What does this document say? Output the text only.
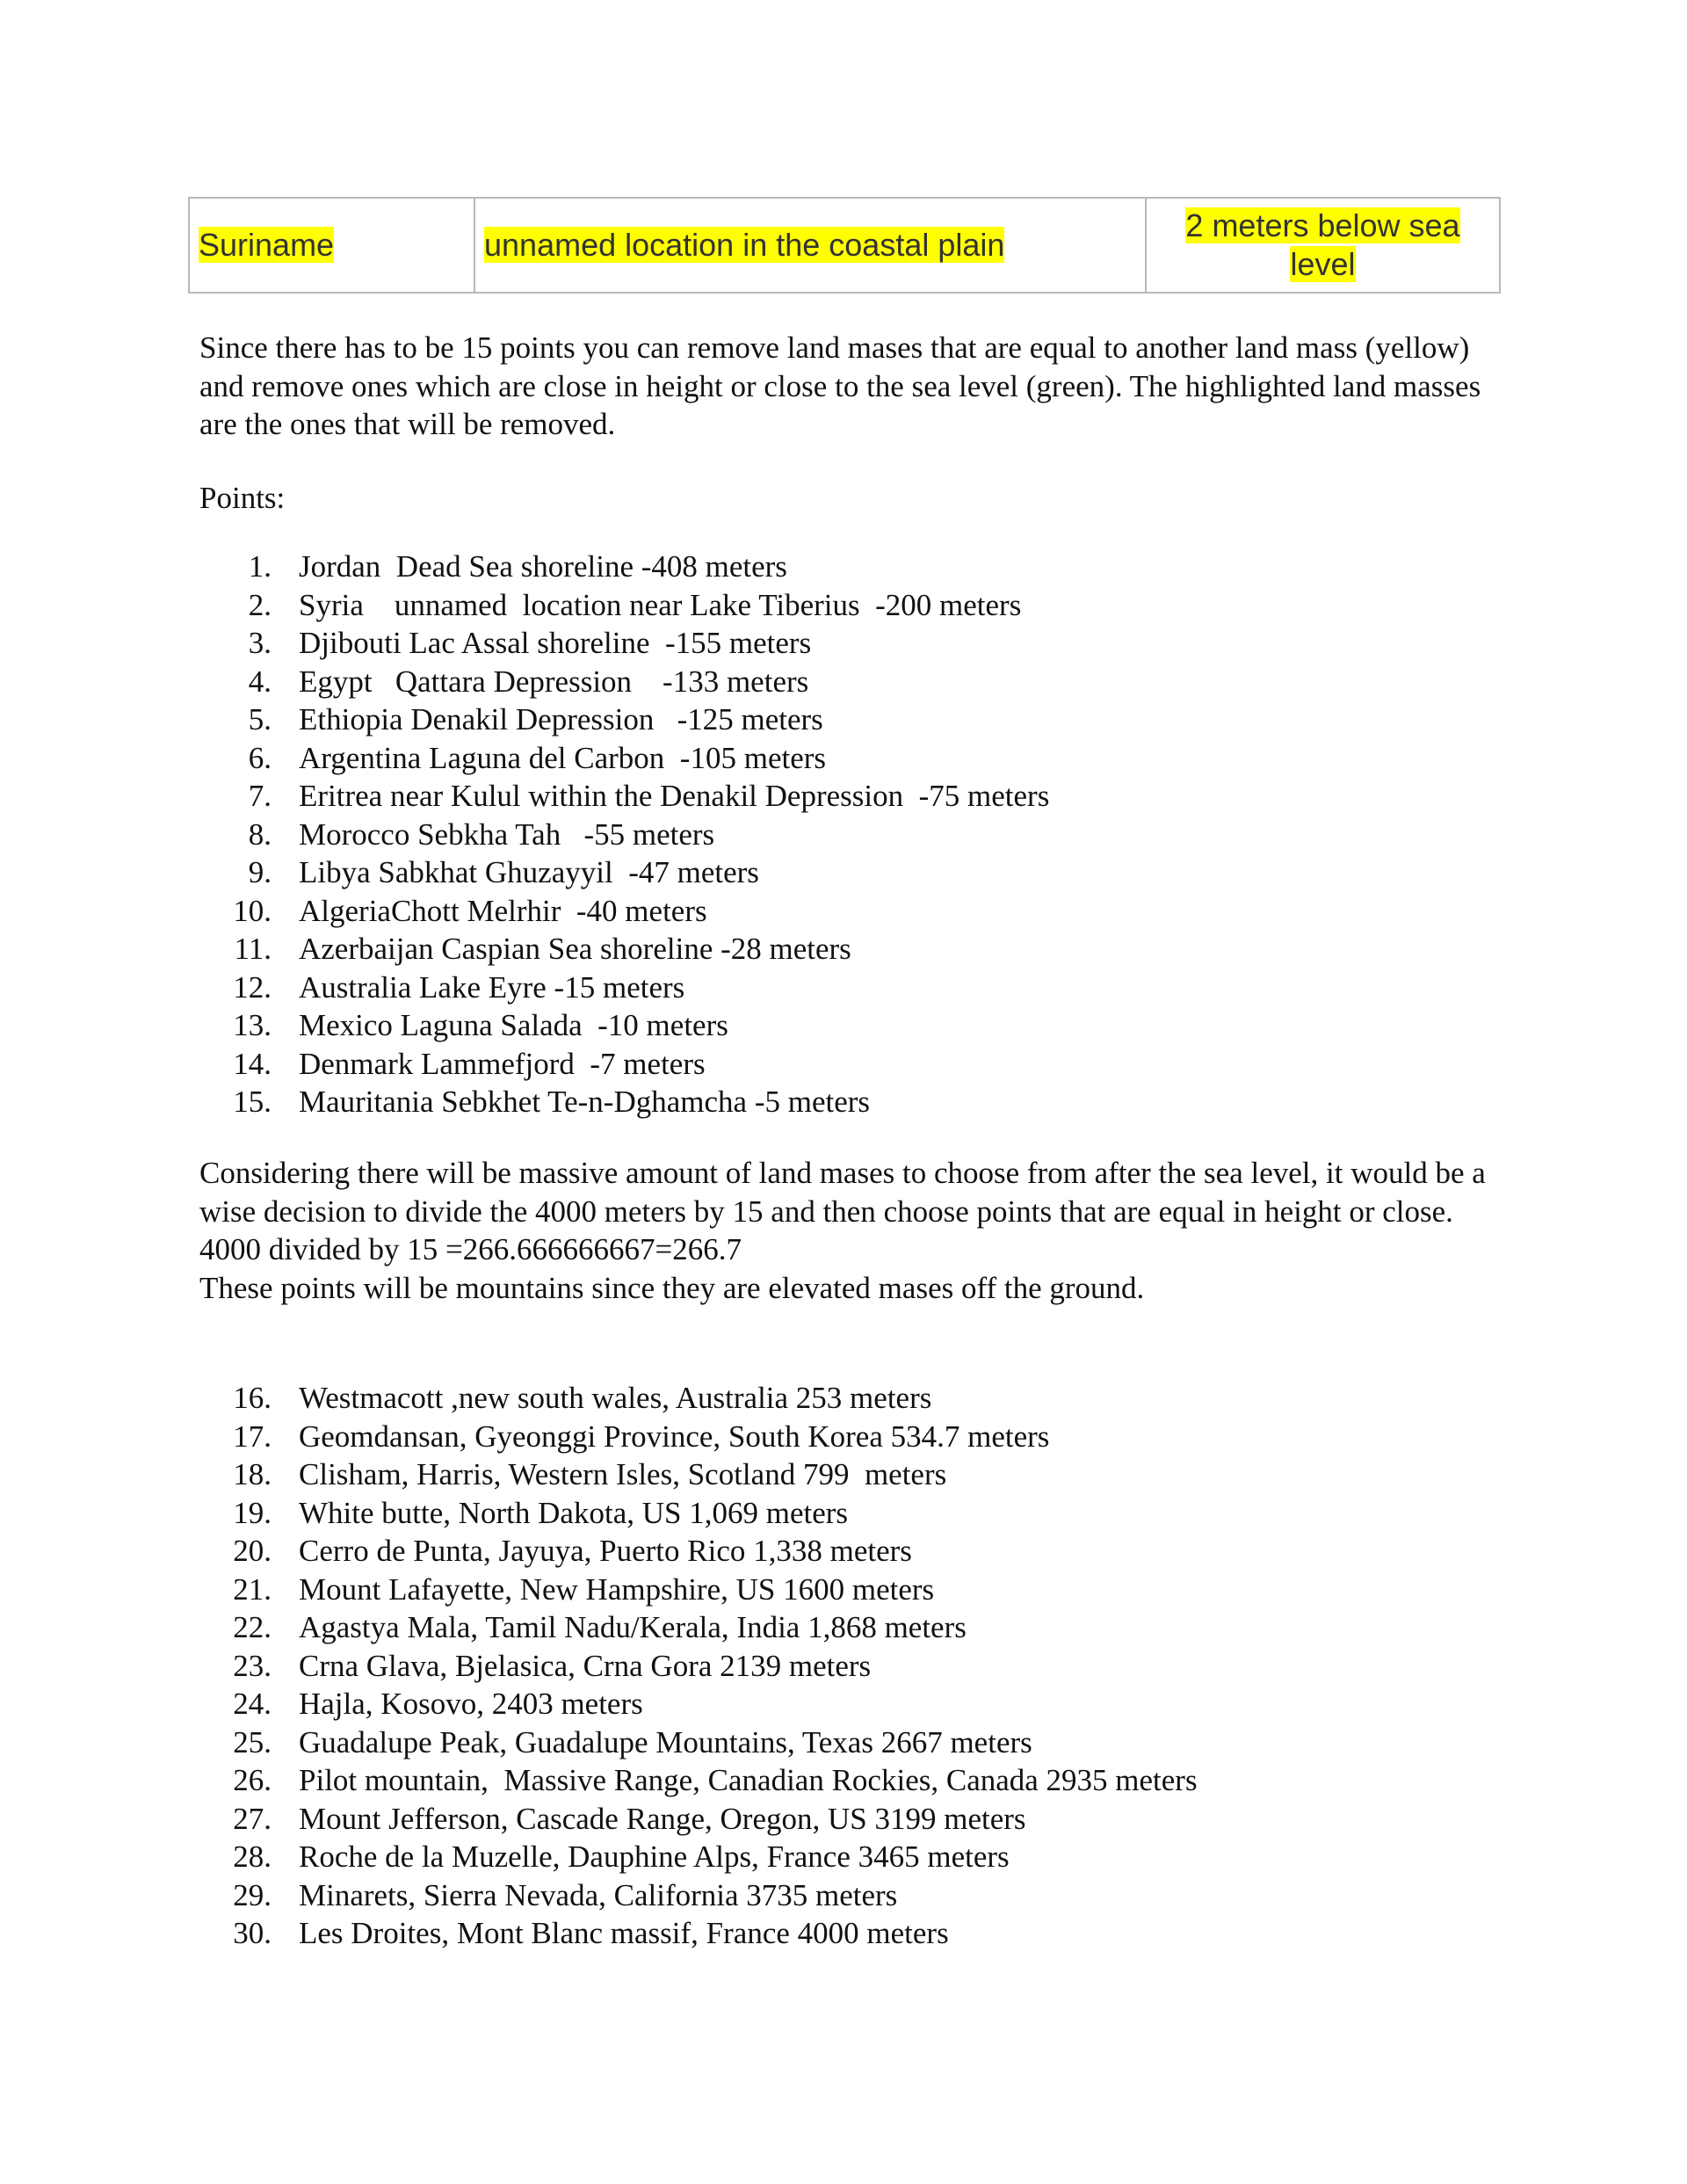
Suriname	unnamed location in the coastal plain	2 meters below sea level

Since there has to be 15 points you can remove land mases that are equal to another land mass (yellow) and remove ones which are close in height or close to the sea level (green). The highlighted land masses are the ones that will be removed.

Points:

1. Jordan  Dead Sea shoreline -408 meters
2. Syria    unnamed  location near Lake Tiberius  -200 meters
3. Djibouti Lac Assal shoreline  -155 meters
4. Egypt   Qattara Depression    -133 meters
5. Ethiopia Denakil Depression   -125 meters
6. Argentina Laguna del Carbon  -105 meters
7. Eritrea near Kulul within the Denakil Depression  -75 meters
8. Morocco Sebkha Tah   -55 meters
9. Libya Sabkhat Ghuzayyil  -47 meters
10. AlgeriaChott Melrhir  -40 meters
11. Azerbaijan Caspian Sea shoreline -28 meters
12. Australia Lake Eyre -15 meters
13. Mexico Laguna Salada  -10 meters
14. Denmark Lammefjord  -7 meters
15. Mauritania Sebkhet Te-n-Dghamcha -5 meters
Considering there will be massive amount of land mases to choose from after the sea level, it would be a wise decision to divide the 4000 meters by 15 and then choose points that are equal in height or close.
4000 divided by 15 =266.666666667=266.7
These points will be mountains since they are elevated mases off the ground.
16. Westmacott ,new south wales, Australia 253 meters
17. Geomdansan, Gyeonggi Province, South Korea 534.7 meters
18. Clisham, Harris, Western Isles, Scotland 799  meters
19. White butte, North Dakota, US 1,069 meters
20. Cerro de Punta, Jayuya, Puerto Rico 1,338 meters
21. Mount Lafayette, New Hampshire, US 1600 meters
22. Agastya Mala, Tamil Nadu/Kerala, India 1,868 meters
23. Crna Glava, Bjelasica, Crna Gora 2139 meters
24. Hajla, Kosovo, 2403 meters
25. Guadalupe Peak, Guadalupe Mountains, Texas 2667 meters
26. Pilot mountain,  Massive Range, Canadian Rockies, Canada 2935 meters
27. Mount Jefferson, Cascade Range, Oregon, US 3199 meters
28. Roche de la Muzelle, Dauphine Alps, France 3465 meters
29. Minarets, Sierra Nevada, California 3735 meters
30. Les Droites, Mont Blanc massif, France 4000 meters
